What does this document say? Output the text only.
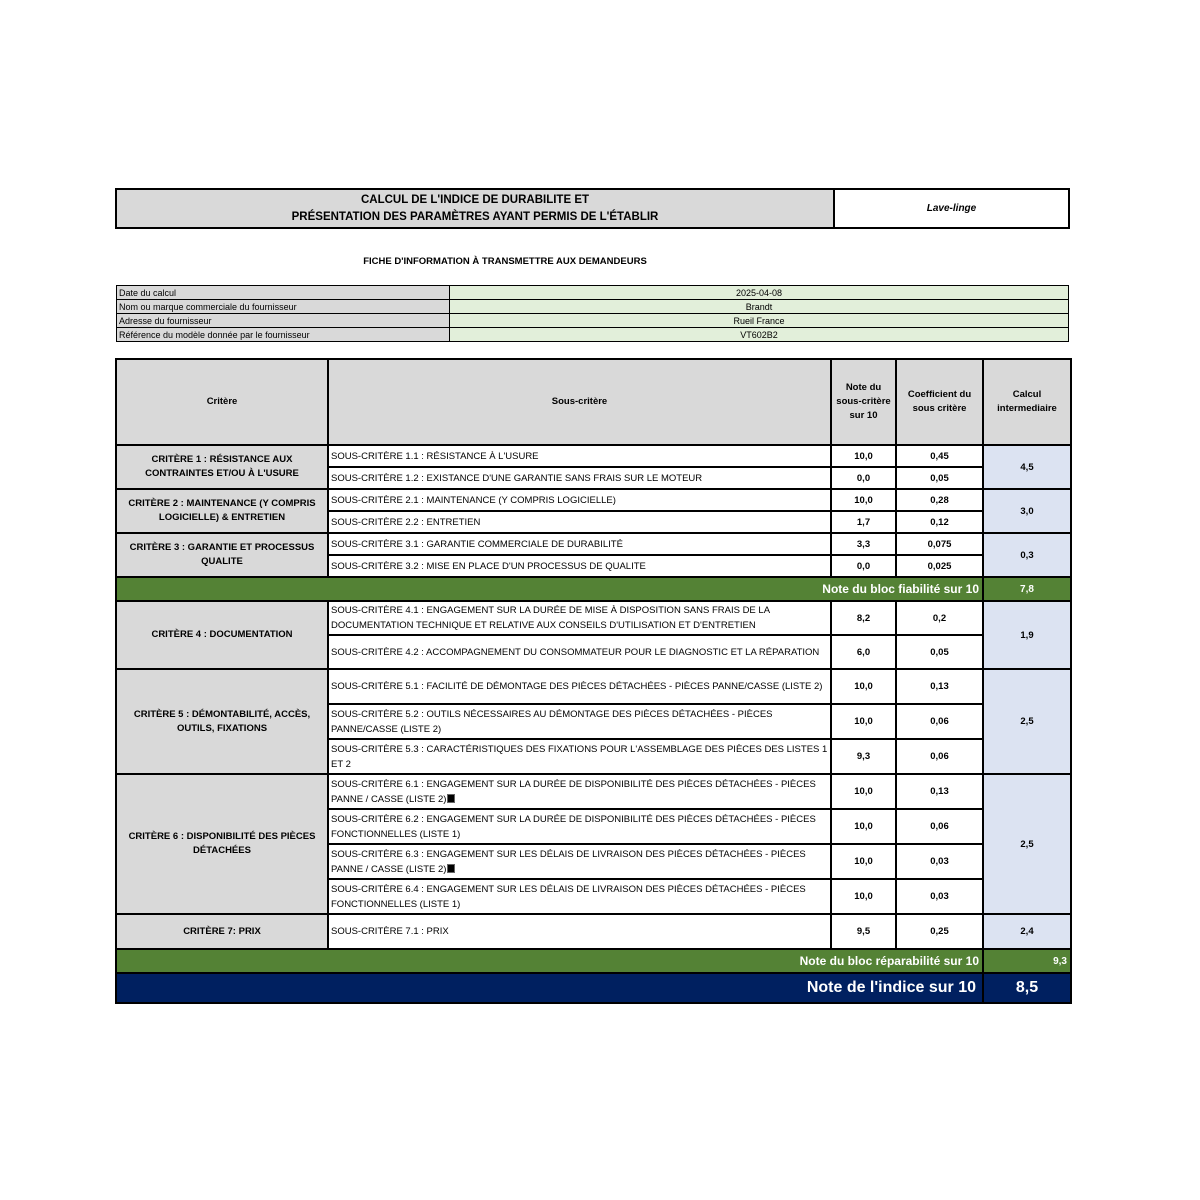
CALCUL DE L'INDICE DE DURABILITE ET
PRÉSENTATION DES PARAMÈTRES AYANT PERMIS DE L'ÉTABLIR
Lave-linge
FICHE D'INFORMATION À TRANSMETTRE AUX DEMANDEURS
Date du calcul	2025-04-08
Nom ou marque commerciale du fournisseur	Brandt
Adresse du fournisseur	Rueil France
Référence du modèle donnée par le fournisseur	VT602B2
Critère	Sous-critère	Note du sous-critère sur 10	Coefficient du sous critère	Calcul intermediaire
CRITÈRE 1 : RÉSISTANCE AUX CONTRAINTES ET/OU À L'USURE	SOUS-CRITÈRE 1.1 : RÉSISTANCE À L'USURE	10,0	0,45	4,5
	SOUS-CRITÈRE 1.2 : EXISTANCE D'UNE GARANTIE SANS FRAIS SUR LE MOTEUR	0,0	0,05	
CRITÈRE 2 : MAINTENANCE (Y COMPRIS LOGICIELLE) & ENTRETIEN	SOUS-CRITÈRE 2.1 : MAINTENANCE (Y COMPRIS LOGICIELLE)	10,0	0,28	3,0
	SOUS-CRITÈRE 2.2 : ENTRETIEN	1,7	0,12	
CRITÈRE 3 : GARANTIE ET PROCESSUS QUALITE	SOUS-CRITÈRE 3.1 : GARANTIE COMMERCIALE DE DURABILITÉ	3,3	0,075	0,3
	SOUS-CRITÈRE 3.2 : MISE EN PLACE D'UN PROCESSUS DE QUALITE	0,0	0,025	
Note du bloc fiabilité sur 10				7,8
CRITÈRE 4 : DOCUMENTATION	SOUS-CRITÈRE 4.1 : ENGAGEMENT SUR LA DURÉE DE MISE À DISPOSITION SANS FRAIS DE LA DOCUMENTATION TECHNIQUE ET RELATIVE AUX CONSEILS D'UTILISATION ET D'ENTRETIEN	8,2	0,2	1,9
	SOUS-CRITÈRE 4.2 : ACCOMPAGNEMENT DU CONSOMMATEUR POUR LE DIAGNOSTIC ET LA RÉPARATION	6,0	0,05	
CRITÈRE 5 : DÉMONTABILITÉ, ACCÈS, OUTILS, FIXATIONS	SOUS-CRITÈRE 5.1 : FACILITÉ DE DÉMONTAGE DES PIÈCES DÉTACHÉES - PIÈCES PANNE/CASSE (LISTE 2)	10,0	0,13	2,5
	SOUS-CRITÈRE 5.2 : OUTILS NÉCESSAIRES AU DÉMONTAGE DES PIÈCES DÉTACHÉES - PIÈCES PANNE/CASSE (LISTE 2)	10,0	0,06	
	SOUS-CRITÈRE 5.3 : CARACTÉRISTIQUES DES FIXATIONS POUR L'ASSEMBLAGE DES PIÈCES DES LISTES 1 ET 2	9,3	0,06	
CRITÈRE 6 : DISPONIBILITÉ DES PIÈCES DÉTACHÉES	SOUS-CRITÈRE 6.1 : ENGAGEMENT SUR LA DURÉE DE DISPONIBILITÉ DES PIÈCES DÉTACHÉES - PIÈCES PANNE / CASSE (LISTE 2)	10,0	0,13	2,5
	SOUS-CRITÈRE 6.2 : ENGAGEMENT SUR LA DURÉE DE DISPONIBILITÉ DES PIÈCES DÉTACHÉES - PIÈCES FONCTIONNELLES (LISTE 1)	10,0	0,06	
	SOUS-CRITÈRE 6.3 : ENGAGEMENT SUR LES DÉLAIS DE LIVRAISON DES PIÈCES DÉTACHÉES - PIÈCES PANNE / CASSE (LISTE 2)	10,0	0,03	
	SOUS-CRITÈRE 6.4 : ENGAGEMENT SUR LES DÉLAIS DE LIVRAISON DES PIÈCES DÉTACHÉES - PIÈCES FONCTIONNELLES (LISTE 1)	10,0	0,03	
CRITÈRE 7: PRIX	SOUS-CRITÈRE 7.1 : PRIX	9,5	0,25	2,4
Note du bloc réparabilité sur 10				9,3
Note de l'indice sur 10				8,5
